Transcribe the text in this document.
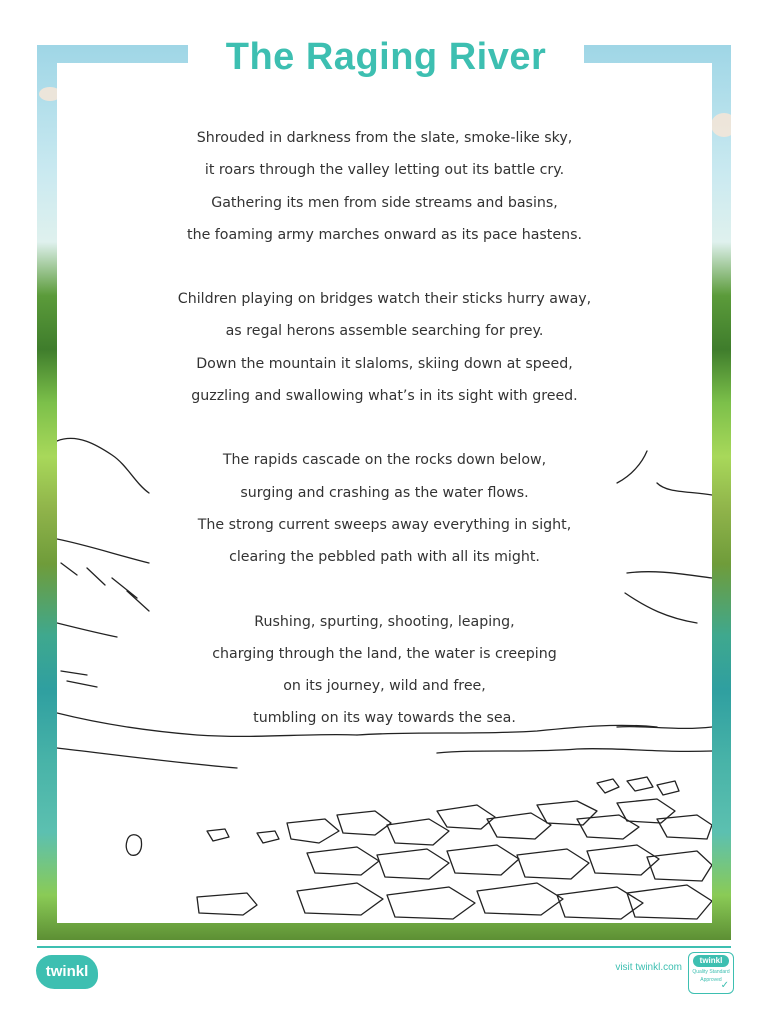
The Raging River
Shrouded in darkness from the slate, smoke-like sky,
it roars through the valley letting out its battle cry.
Gathering its men from side streams and basins,
the foaming army marches onward as its pace hastens.
Children playing on bridges watch their sticks hurry away,
as regal herons assemble searching for prey.
Down the mountain it slaloms, skiing down at speed,
guzzling and swallowing what’s in its sight with greed.
The rapids cascade on the rocks down below,
surging and crashing as the water flows.
The strong current sweeps away everything in sight,
clearing the pebbled path with all its might.
Rushing, spurting, shooting, leaping,
charging through the land, the water is creeping
on its journey, wild and free,
tumbling on its way towards the sea.
twinkl	visit twinkl.com
twinkl
Quality Standard
Approved
✓
